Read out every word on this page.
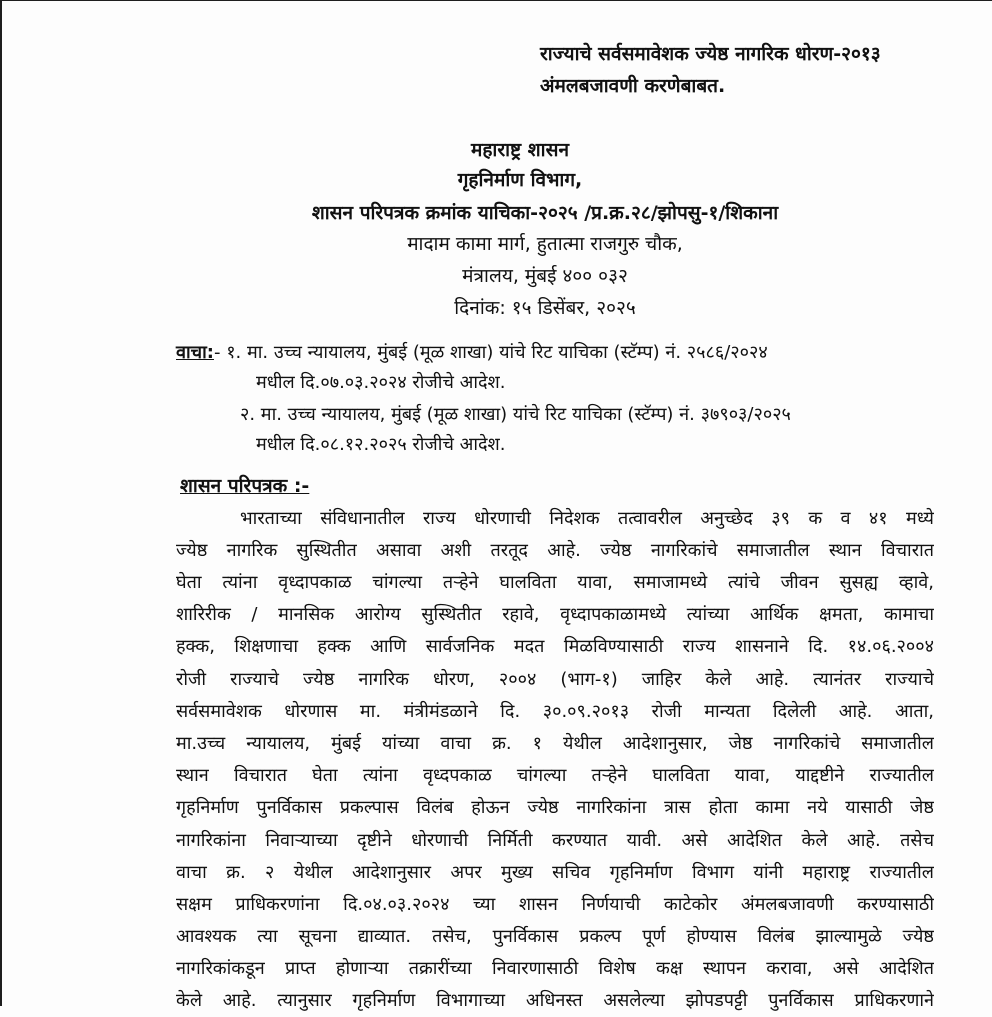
राज्याचे सर्वसमावेशक ज्येष्ठ नागरिक धोरण-२०१३
अंमलबजावणी करणेबाबत.
महाराष्ट्र शासन
गृहनिर्माण विभाग,
शासन परिपत्रक क्रमांक याचिका-२०२५ /प्र.क्र.२८/झोपसु-१/शिकाना
मादाम कामा मार्ग, हुतात्मा राजगुरु चौक,
मंत्रालय, मुंबई ४०० ०३२
दिनांक: १५ डिसेंबर, २०२५
वाचा:- १. मा. उच्च न्यायालय, मुंबई (मूळ शाखा) यांचे रिट याचिका (स्टॅम्प) नं. २५८६/२०२४
मधील दि.०७.०३.२०२४ रोजीचे आदेश.
२. मा. उच्च न्यायालय, मुंबई (मूळ शाखा) यांचे रिट याचिका (स्टॅम्प) नं. ३७९०३/२०२५
मधील दि.०८.१२.२०२५ रोजीचे आदेश.
शासन परिपत्रक :-
भारताच्या संविधानातील राज्य धोरणाची निदेशक तत्वावरील अनुच्छेद ३९ क व ४१ मध्ये
ज्येष्ठ नागरिक सुस्थितीत असावा अशी तरतूद आहे. ज्येष्ठ नागरिकांचे समाजातील स्थान विचारात
घेता त्यांना वृध्दापकाळ चांगल्या तऱ्हेने घालविता यावा, समाजामध्ये त्यांचे जीवन सुसह्य व्हावे,
शारिरीक / मानसिक आरोग्य सुस्थितीत रहावे, वृध्दापकाळामध्ये त्यांच्या आर्थिक क्षमता, कामाचा
हक्क, शिक्षणाचा हक्क आणि सार्वजनिक मदत मिळविण्यासाठी राज्य शासनाने दि. १४.०६.२००४
रोजी राज्याचे ज्येष्ठ नागरिक धोरण, २००४ (भाग-१) जाहिर केले आहे. त्यानंतर राज्याचे
सर्वसमावेशक धोरणास मा. मंत्रीमंडळाने दि. ३०.०९.२०१३ रोजी मान्यता दिलेली आहे. आता,
मा.उच्च न्यायालय, मुंबई यांच्या वाचा क्र. १ येथील आदेशानुसार, जेष्ठ नागरिकांचे समाजातील
स्थान विचारात घेता त्यांना वृध्दपकाळ चांगल्या तऱ्हेने घालविता यावा, याद्दष्टीने राज्यातील
गृहनिर्माण पुनर्विकास प्रकल्पास विलंब होऊन ज्येष्ठ नागरिकांना त्रास होता कामा नये यासाठी जेष्ठ
नागरिकांना निवाऱ्याच्या दृष्टीने धोरणाची निर्मिती करण्यात यावी. असे आदेशित केले आहे. तसेच
वाचा क्र. २ येथील आदेशानुसार अपर मुख्य सचिव गृहनिर्माण विभाग यांनी महाराष्ट्र राज्यातील
सक्षम प्राधिकरणांना दि.०४.०३.२०२४ च्या शासन निर्णयाची काटेकोर अंमलबजावणी करण्यासाठी
आवश्यक त्या सूचना द्याव्यात. तसेच, पुनर्विकास प्रकल्प पूर्ण होण्यास विलंब झाल्यामुळे ज्येष्ठ
नागरिकांकडून प्राप्त होणाऱ्या तक्रारींच्या निवारणासाठी विशेष कक्ष स्थापन करावा, असे आदेशित
केले आहे. त्यानुसार गृहनिर्माण विभागाच्या अधिनस्त असलेल्या झोपडपट्टी पुनर्विकास प्राधिकरणाने
